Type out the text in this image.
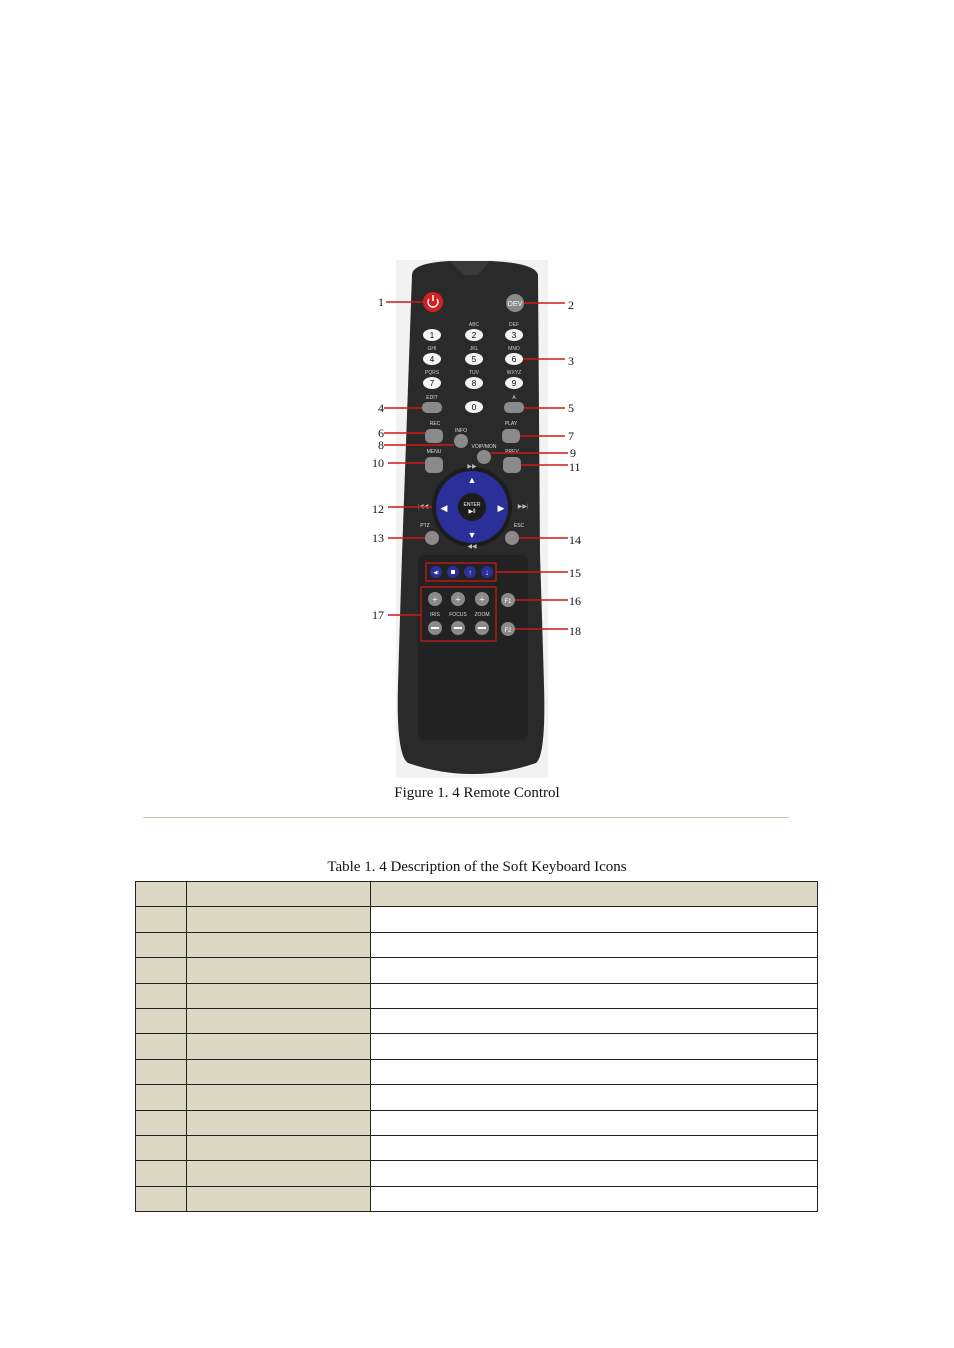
DEV
1	2	3
4	5	6
7	8	9
0
ABC	DEF
GHI	JKL	MNO
PQRS	TUV	WXYZ
EDIT	A
REC	PLAY
INFO
VOIP/MON
MENU	PREV
ENTER
▶‖
▲
▼
◀	▶
▶▶
◀◀
|◀◀	▶▶|
PTZ	ESC
◀‖	⇡ ⇣
F1
F2
+ + +
IRIS FOCUS ZOOM
1	2
3
4	5
6	7
8
9
10	11
12
13	14
15
16
17
18
Figure 1. 4 Remote Control
Table 1. 4 Description of the Soft Keyboard Icons
